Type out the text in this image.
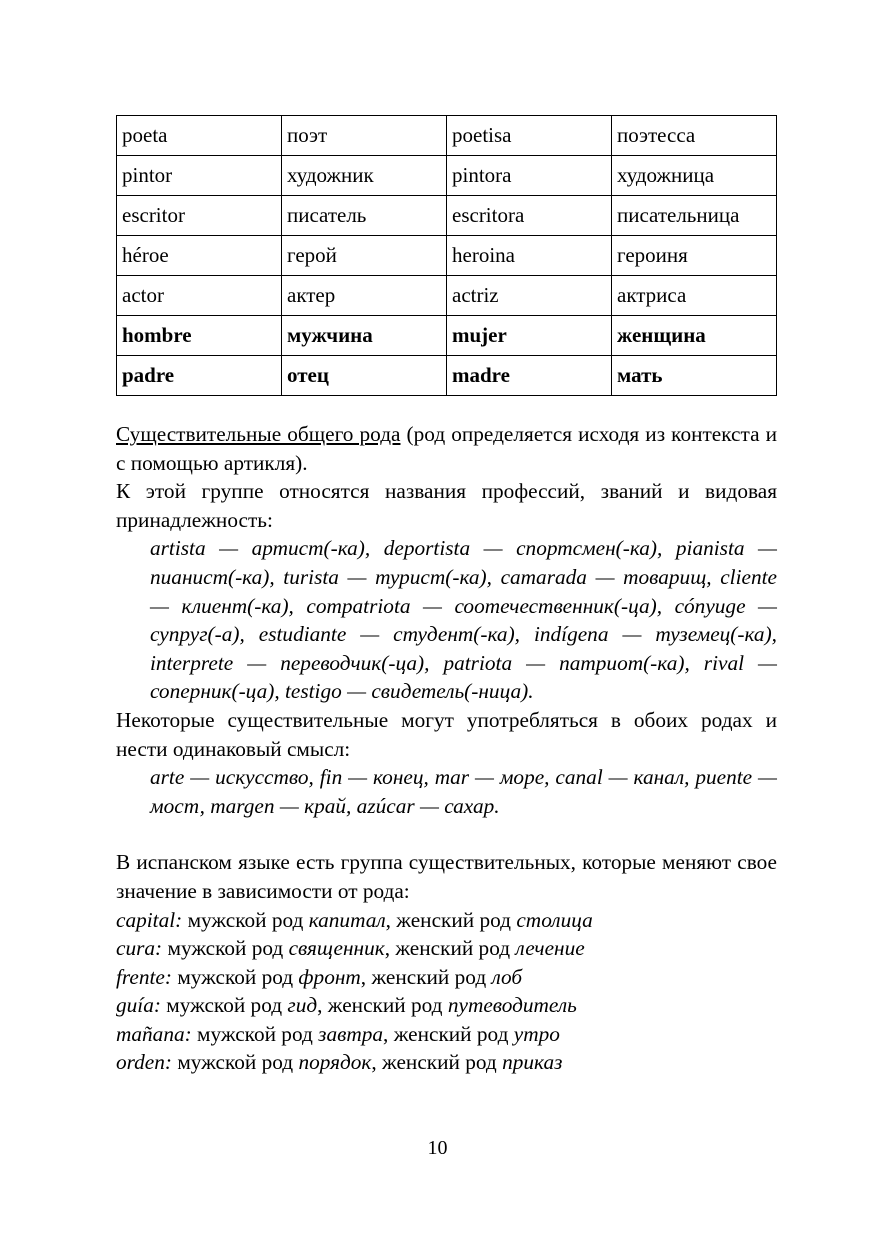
poeta	поэт	poetisa	поэтесса
pintor	художник	pintora	художница
escritor	писатель	escritora	писательница
héroe	герой	heroina	героиня
actor	актер	actriz	актриса
hombre	мужчина	mujer	женщина
padre	отец	madre	мать

Существительные общего рода (род определяется исходя из контекста и с помощью артикля).

К этой группе относятся названия профессий, званий и видовая принадлежность:

artista — артист(-ка), deportista — спортсмен(-ка), pianista — пианист(-ка), turista — турист(-ка), camarada — товарищ, cliente — клиент(-ка), compatriota — соотечественник(-ца), cónyuge — супруг(-а), estudiante — студент(-ка), indígena — туземец(-ка), interprete — переводчик(-ца), patriota — патриот(-ка), rival — соперник(-ца), testigo — свидетель(-ница).

Некоторые существительные могут употребляться в обоих родах и нести одинаковый смысл:

arte — искусство, fin — конец, mar — море, canal — канал, puente — мост, margen — край, azúcar — сахар.

В испанском языке есть группа существительных, которые меняют свое значение в зависимости от рода:

capital: мужской род капитал, женский род столица

cura: мужской род священник, женский род лечение

frente: мужской род фронт, женский род лоб

guía: мужской род гид, женский род путеводитель

mañana: мужской род завтра, женский род утро

orden: мужской род порядок, женский род приказ

10
